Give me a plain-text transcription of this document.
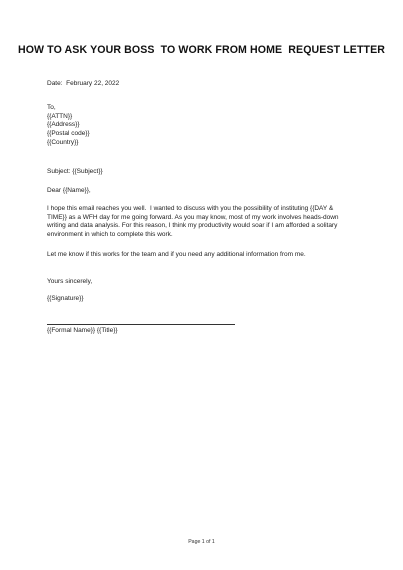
HOW TO ASK YOUR BOSS  TO WORK FROM HOME  REQUEST LETTER
Date:  February 22, 2022
To,
{{ATTN}}
{{Address}}
{{Postal code}}
{{Country}}
Subject: {{Subject}}
Dear {{Name}},
I hope this email reaches you well.  I wanted to discuss with you the possibility of instituting {{DAY &
TIME}} as a WFH day for me going forward. As you may know, most of my work involves heads-down
writing and data analysis. For this reason, I think my productivity would soar if I am afforded a solitary
environment in which to complete this work.
Let me know if this works for the team and if you need any additional information from me.
Yours sincerely,
{{Signature}}
{{Formal Name}} {{Title}}
Page 1 of 1
